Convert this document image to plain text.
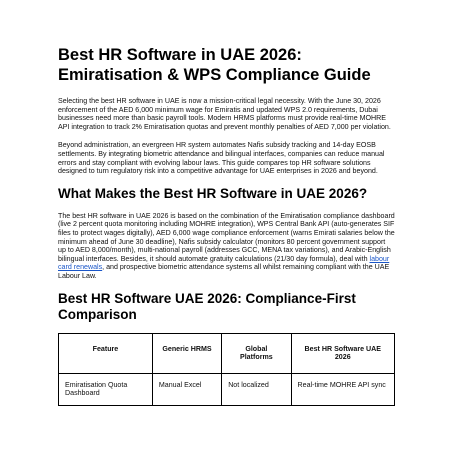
Best HR Software in UAE 2026: Emiratisation & WPS Compliance Guide

Selecting the best HR software in UAE is now a mission-critical legal necessity. With the June 30, 2026 enforcement of the AED 6,000 minimum wage for Emiratis and updated WPS 2.0 requirements, Dubai businesses need more than basic payroll tools. Modern HRMS platforms must provide real-time MOHRE API integration to track 2% Emiratisation quotas and prevent monthly penalties of AED 7,000 per violation.

Beyond administration, an evergreen HR system automates Nafis subsidy tracking and 14-day EOSB settlements. By integrating biometric attendance and bilingual interfaces, companies can reduce manual errors and stay compliant with evolving labour laws. This guide compares top HR software solutions designed to turn regulatory risk into a competitive advantage for UAE enterprises in 2026 and beyond.

What Makes the Best HR Software in UAE 2026?

The best HR software in UAE 2026 is based on the combination of the Emiratisation compliance dashboard (live 2 percent quota monitoring including MOHRE integration), WPS Central Bank API (auto-generates SIF files to protect wages digitally), AED 6,000 wage compliance enforcement (warns Emirati salaries below the minimum ahead of June 30 deadline), Nafis subsidy calculator (monitors 80 percent government support up to AED 8,000/month), multi-national payroll (addresses GCC, MENA tax variations), and Arabic-English bilingual interfaces. Besides, it should automate gratuity calculations (21/30 day formula), deal with labour card renewals, and prospective biometric attendance systems all whilst remaining compliant with the UAE Labour Law.

Best HR Software UAE 2026: Compliance-First Comparison
Feature	Generic HRMS	Global Platforms	Best HR Software UAE 2026
Emiratisation Quota Dashboard	Manual Excel	Not localized	Real-time MOHRE API sync
